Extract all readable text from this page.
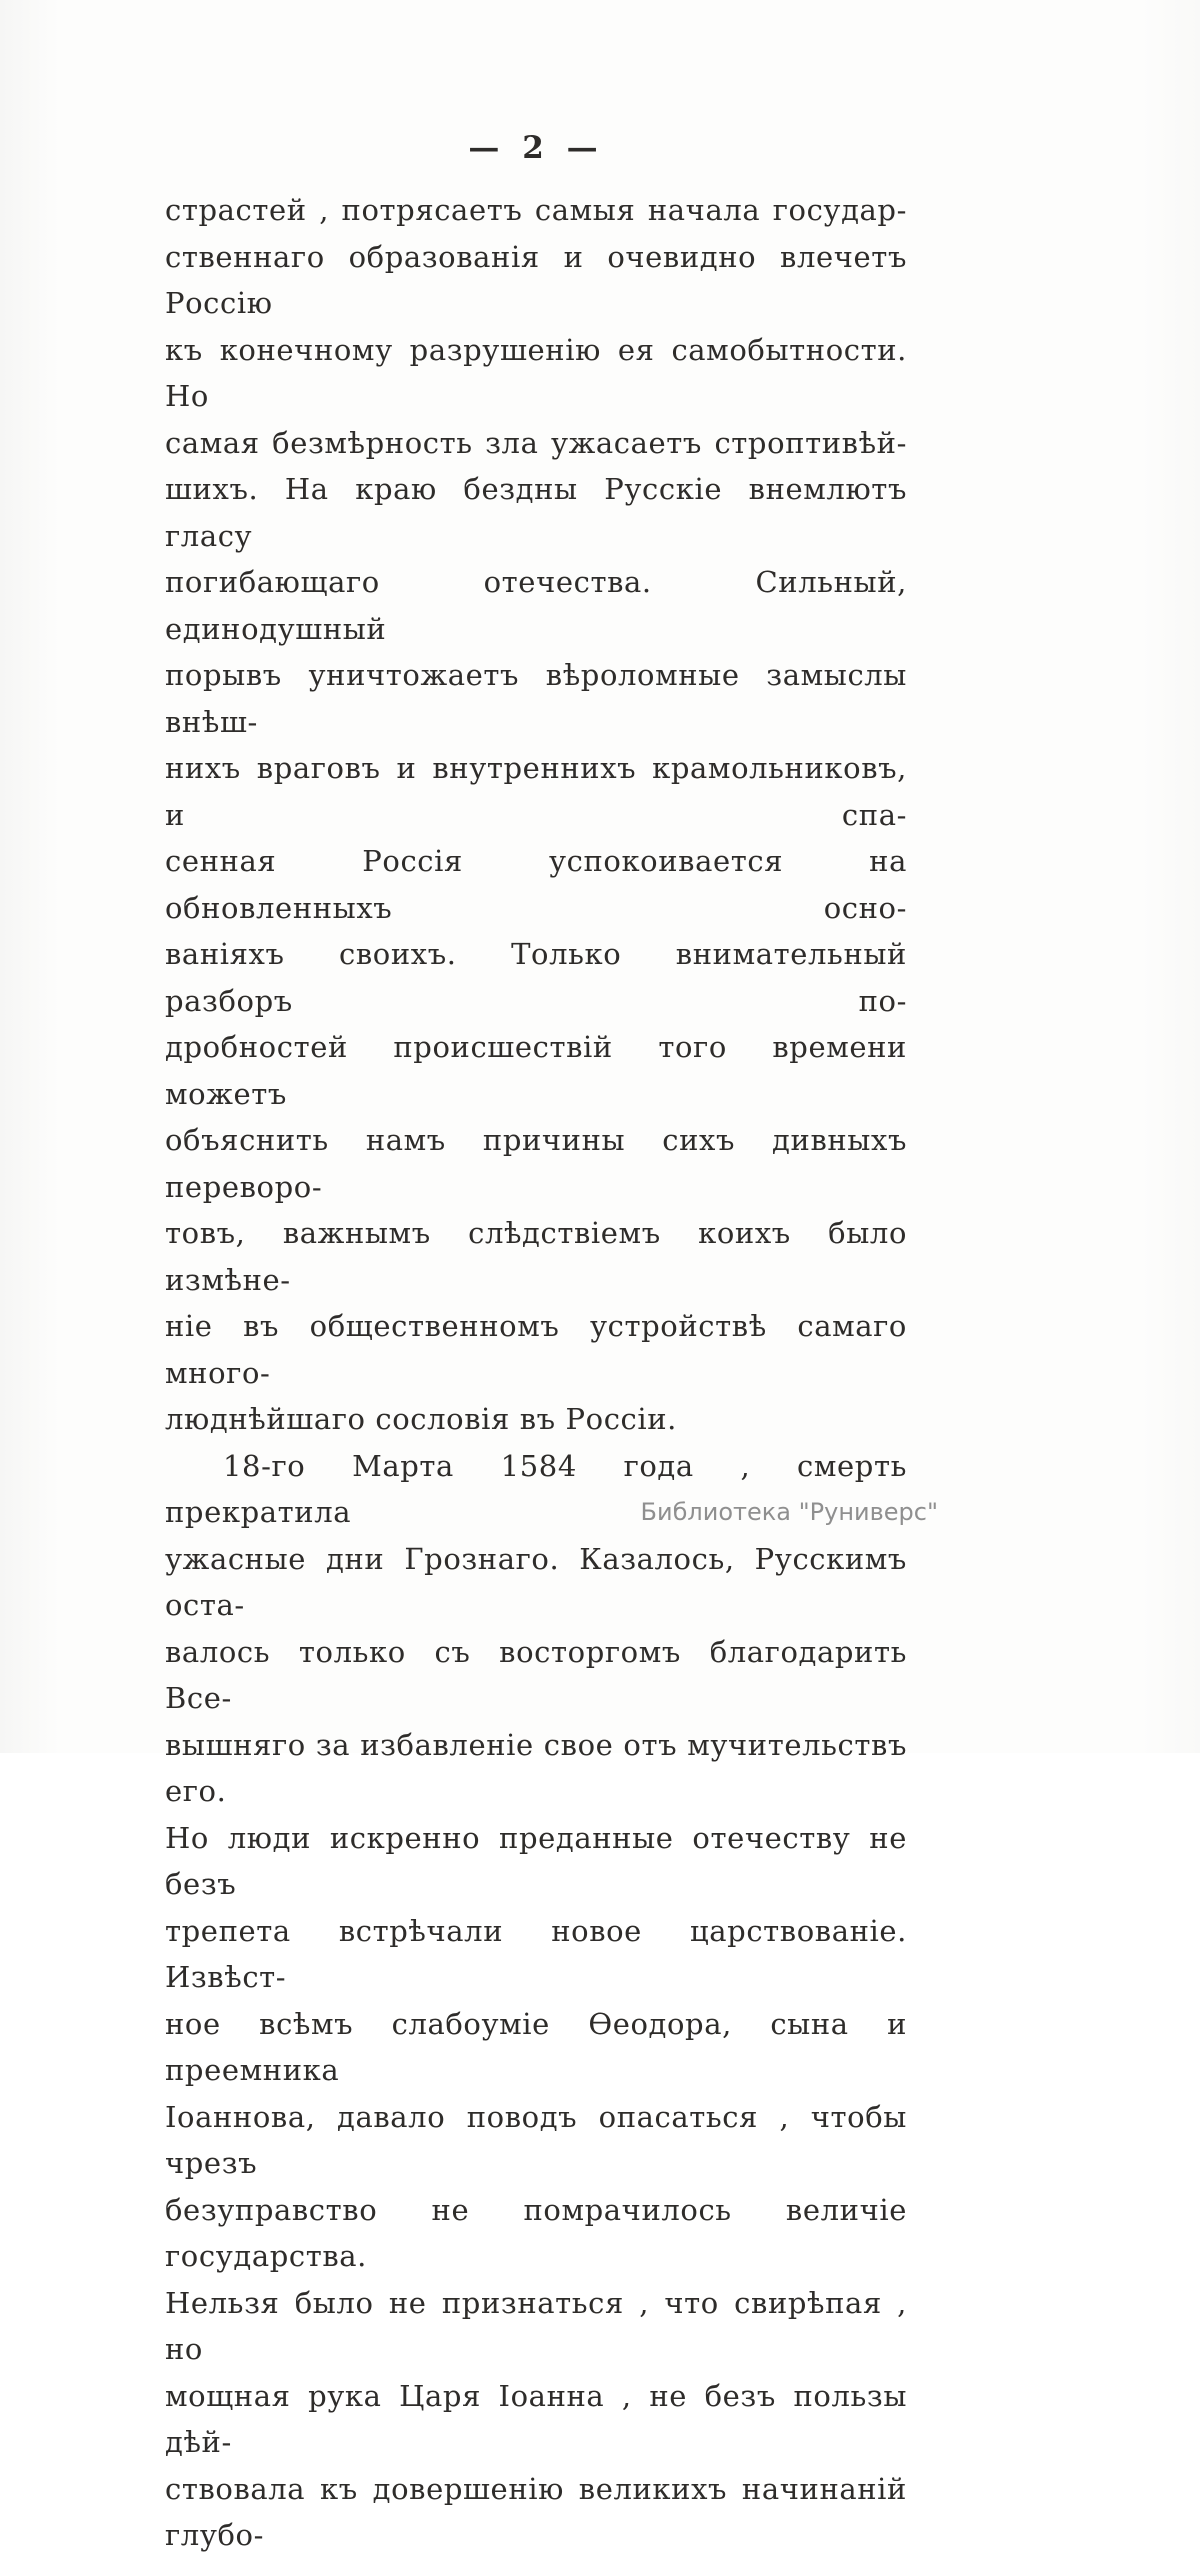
— 2 —
страстей , потрясаетъ самыя начала государ-
ственнаго образованія и очевидно влечетъ Россію
къ конечному разрушенію ея самобытности. Но
самая безмѣрность зла ужасаетъ строптивѣй-
шихъ. На краю бездны Русскіе внемлютъ гласу
погибающаго отечества. Сильный, единодушный
порывъ уничтожаетъ вѣроломные замыслы внѣш-
нихъ враговъ и внутреннихъ крамольниковъ, и спа-
сенная Россія успокоивается на обновленныхъ осно-
ваніяхъ своихъ. Только внимательный разборъ по-
дробностей происшествій того времени можетъ
объяснить намъ причины сихъ дивныхъ переворо-
товъ, важнымъ слѣдствіемъ коихъ было измѣне-
ніе въ общественномъ устройствѣ самаго много-
люднѣйшаго сословія въ Россіи.
18-го Марта 1584 года , смерть прекратила
ужасные дни Грознаго. Казалось, Русскимъ оста-
валось только съ восторгомъ благодарить Все-
вышняго за избавленіе свое отъ мучительствъ его.
Но люди искренно преданные отечеству не безъ
трепета встрѣчали новое царствованіе. Извѣст-
ное всѣмъ слабоуміе Ѳеодора, сына и преемника
Іоаннова, давало поводъ опасаться , чтобы чрезъ
безуправство не помрачилось величіе государства.
Нельзя было не признаться , что свирѣпая , но
мощная рука Царя Іоанна , не безъ пользы дѣй-
ствовала къ довершенію великихъ начинаній глубо-
Библиотека "Руниверс"
